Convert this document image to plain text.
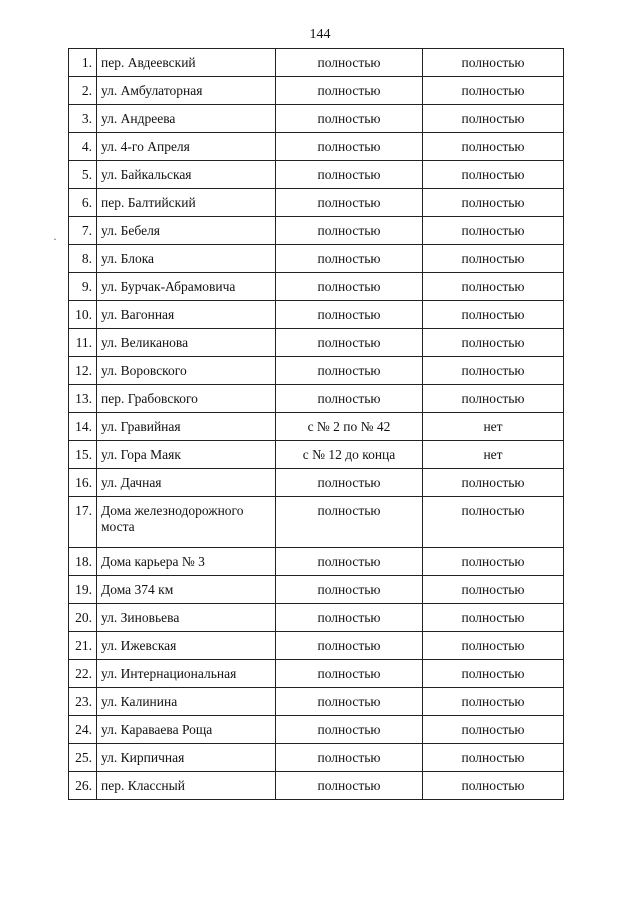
144
·
1.	пер. Авдеевский	полностью	полностью
2.	ул. Амбулаторная	полностью	полностью
3.	ул. Андреева	полностью	полностью
4.	ул. 4-го Апреля	полностью	полностью
5.	ул. Байкальская	полностью	полностью
6.	пер. Балтийский	полностью	полностью
7.	ул. Бебеля	полностью	полностью
8.	ул. Блока	полностью	полностью
9.	ул. Бурчак-Абрамовича	полностью	полностью
10.	ул. Вагонная	полностью	полностью
11.	ул. Великанова	полностью	полностью
12.	ул. Воровского	полностью	полностью
13.	пер. Грабовского	полностью	полностью
14.	ул. Гравийная	с № 2 по № 42	нет
15.	ул. Гора Маяк	с № 12 до конца	нет
16.	ул. Дачная	полностью	полностью
17.	Дома железнодорожного моста	полностью	полностью
18.	Дома карьера № 3	полностью	полностью
19.	Дома 374 км	полностью	полностью
20.	ул. Зиновьева	полностью	полностью
21.	ул. Ижевская	полностью	полностью
22.	ул. Интернациональная	полностью	полностью
23.	ул. Калинина	полностью	полностью
24.	ул. Караваева Роща	полностью	полностью
25.	ул. Кирпичная	полностью	полностью
26.	пер. Классный	полностью	полностью
